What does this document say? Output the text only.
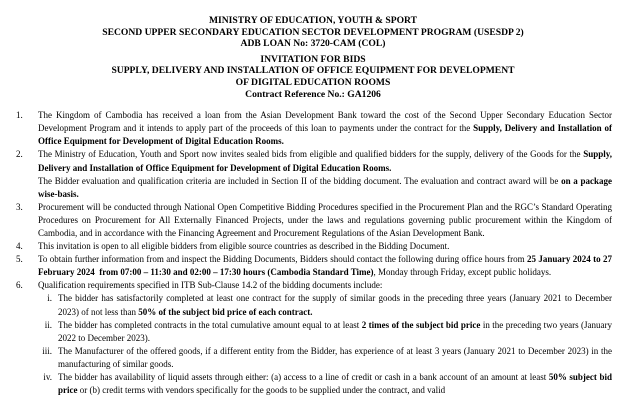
MINISTRY OF EDUCATION, YOUTH & SPORT
SECOND UPPER SECONDARY EDUCATION SECTOR DEVELOPMENT PROGRAM (USESDP 2)
ADB LOAN No: 3720-CAM (COL)
INVITATION FOR BIDS
SUPPLY, DELIVERY AND INSTALLATION OF OFFICE EQUIPMENT FOR DEVELOPMENT
OF DIGITAL EDUCATION ROOMS
Contract Reference No.: GA1206
1.	The Kingdom of Cambodia has received a loan from the Asian Development Bank toward the cost of the Second Upper Secondary Education Sector Development Program and it intends to apply part of the proceeds of this loan to payments under the contract for the Supply, Delivery and Installation of Office Equipment for Development of Digital Education Rooms.
2.	The Ministry of Education, Youth and Sport now invites sealed bids from eligible and qualified bidders for the supply, delivery of the Goods for the Supply, Delivery and Installation of Office Equipment for Development of Digital Education Rooms.
The Bidder evaluation and qualification criteria are included in Section II of the bidding document. The evaluation and contract award will be on a package wise-basis.
3.	Procurement will be conducted through National Open Competitive Bidding Procedures specified in the Procurement Plan and the RGC’s Standard Operating Procedures on Procurement for All Externally Financed Projects, under the laws and regulations governing public procurement within the Kingdom of Cambodia, and in accordance with the Financing Agreement and Procurement Regulations of the Asian Development Bank.
4.	This invitation is open to all eligible bidders from eligible source countries as described in the Bidding Document.
5.	To obtain further information from and inspect the Bidding Documents, Bidders should contact the following during office hours from 25 January 2024 to 27 February 2024 from 07:00 – 11:30 and 02:00 – 17:30 hours (Cambodia Standard Time), Monday through Friday, except public holidays.
6.	Qualification requirements specified in ITB Sub-Clause 14.2 of the bidding documents include:
i. The bidder has satisfactorily completed at least one contract for the supply of similar goods in the preceding three years (January 2021 to December 2023) of not less than 50% of the subject bid price of each contract.
ii. The bidder has completed contracts in the total cumulative amount equal to at least 2 times of the subject bid price in the preceding two years (January 2022 to December 2023).
iii. The Manufacturer of the offered goods, if a different entity from the Bidder, has experience of at least 3 years (January 2021 to December 2023) in the manufacturing of similar goods.
iv. The bidder has availability of liquid assets through either: (a) access to a line of credit or cash in a bank account of an amount at least 50% subject bid price or (b) credit terms with vendors specifically for the goods to be supplied under the contract, and valid
